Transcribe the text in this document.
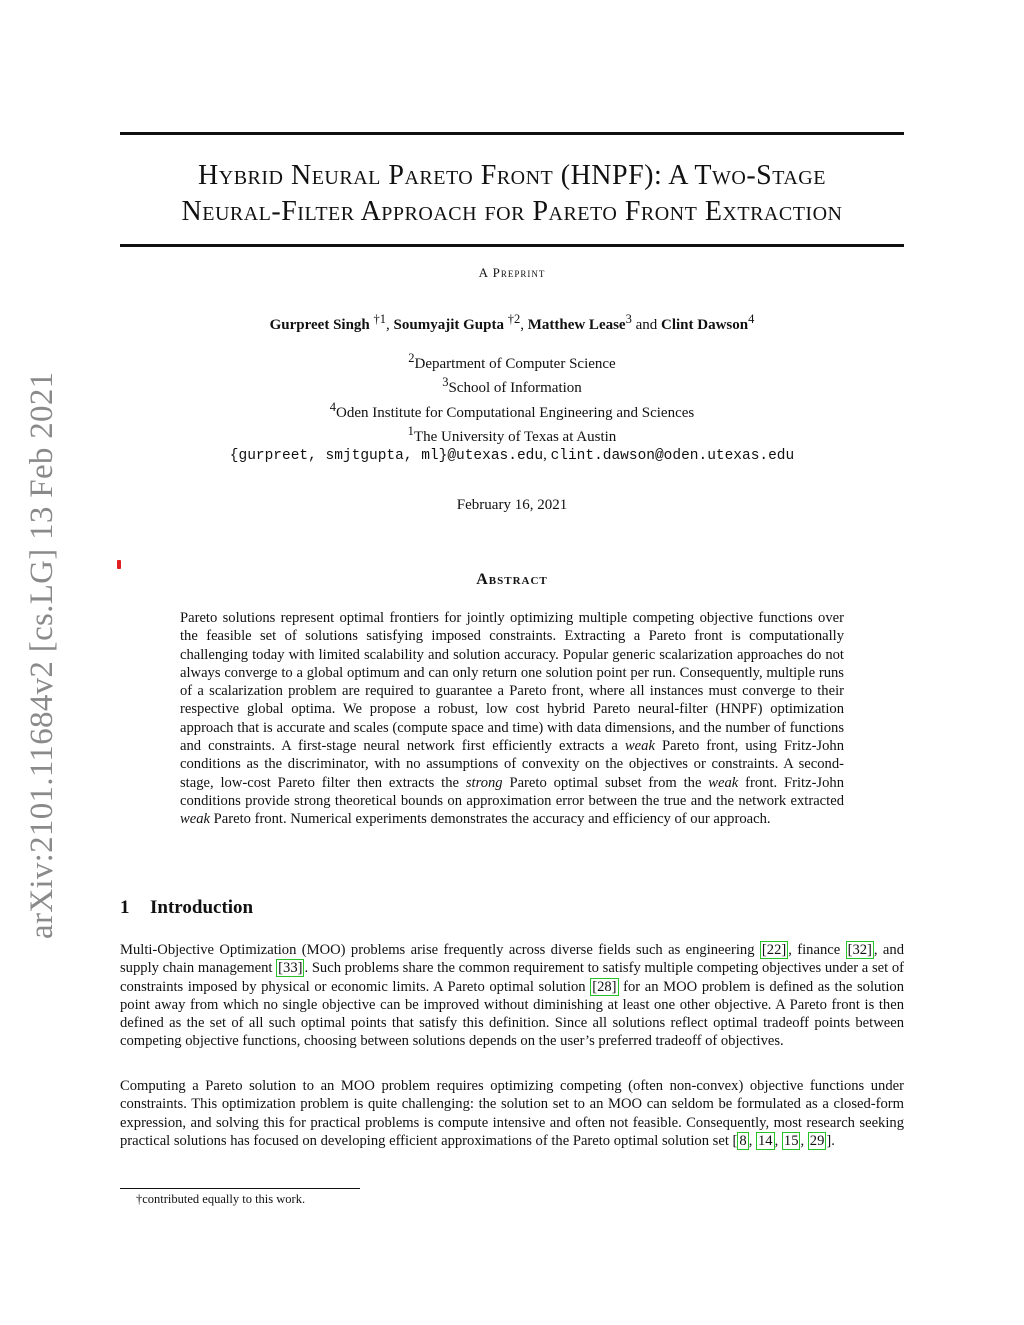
arXiv:2101.11684v2 [cs.LG] 13 Feb 2021
Hybrid Neural Pareto Front (HNPF): A Two-Stage
Neural-Filter Approach for Pareto Front Extraction
A Preprint
Gurpreet Singh $^{\dagger 1}$, Soumyajit Gupta $^{\dagger 2}$, Matthew Lease$^3$ and Clint Dawson$^4$
$^2$Department of Computer Science
$^3$School of Information
$^4$Oden Institute for Computational Engineering and Sciences
$^1$The University of Texas at Austin
{gurpreet, smjtgupta, ml}@utexas.edu, clint.dawson@oden.utexas.edu
February 16, 2021
Abstract
Pareto solutions represent optimal frontiers for jointly optimizing multiple competing objective functions over the feasible set of solutions satisfying imposed constraints. Extracting a Pareto front is computationally challenging today with limited scalability and solution accuracy. Popular generic scalarization approaches do not always converge to a global optimum and can only return one solution point per run. Consequently, multiple runs of a scalarization problem are required to guarantee a Pareto front, where all instances must converge to their respective global optima. We propose a robust, low cost hybrid Pareto neural-filter (HNPF) optimization approach that is accurate and scales (compute space and time) with data dimensions, and the number of functions and constraints. A first-stage neural network first efficiently extracts a weak Pareto front, using Fritz-John conditions as the discriminator, with no assumptions of convexity on the objectives or constraints. A second-stage, low-cost Pareto filter then extracts the strong Pareto optimal subset from the weak front. Fritz-John conditions provide strong theoretical bounds on approximation error between the true and the network extracted weak Pareto front. Numerical experiments demonstrates the accuracy and efficiency of our approach.
1 Introduction
Multi-Objective Optimization (MOO) problems arise frequently across diverse fields such as engineering [22] , finance [32] , and supply chain management [33] . Such problems share the common requirement to satisfy multiple competing objectives under a set of constraints imposed by physical or economic limits. A Pareto optimal solution [28] for an MOO problem is defined as the solution point away from which no single objective can be improved without diminishing at least one other objective. A Pareto front is then defined as the set of all such optimal points that satisfy this definition. Since all solutions reflect optimal tradeoff points between competing objective functions, choosing between solutions depends on the user’s preferred tradeoff of objectives.
Computing a Pareto solution to an MOO problem requires optimizing competing (often non-convex) objective functions under constraints. This optimization problem is quite challenging: the solution set to an MOO can seldom be formulated as a closed-form expression, and solving this for practical problems is compute intensive and often not feasible. Consequently, most research seeking practical solutions has focused on developing efficient approximations of the Pareto optimal solution set [ 8 , 14 , 15 , 29 ].
†contributed equally to this work.
